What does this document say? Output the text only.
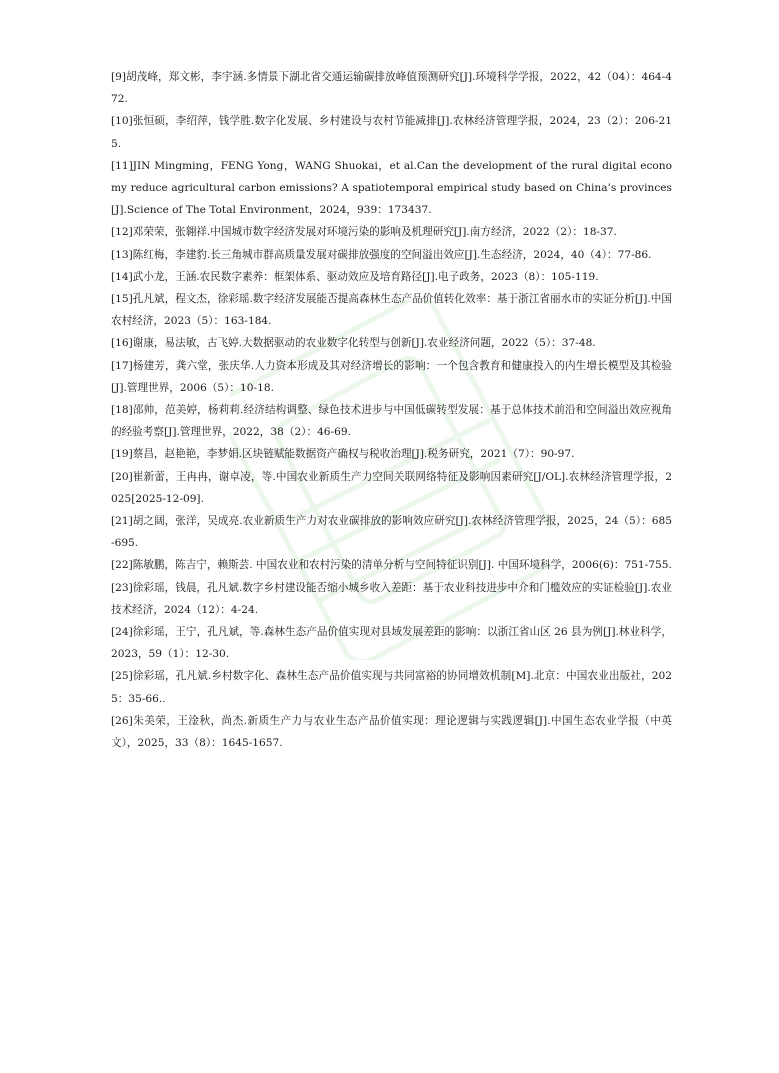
[9]胡茂峰，郑文彬，李宇涵.多情景下湖北省交通运输碳排放峰值预测研究[J].环境科学学报，2022，42（04）：464-472.

[10]张恒硕，李绍萍，钱学胜.数字化发展、乡村建设与农村节能减排[J].农林经济管理学报，2024，23（2）：206-215.

[11]JIN Mingming，FENG Yong，WANG Shuokai，et al.Can the development of the rural digital economy reduce agricultural carbon emissions? A spatiotemporal empirical study based on China’s provinces[J].Science of The Total Environment，2024，939：173437.

[12]邓荣荣，张翱祥.中国城市数字经济发展对环境污染的影响及机理研究[J].南方经济，2022（2）：18-37.

[13]陈红梅，李建豹.长三角城市群高质量发展对碳排放强度的空间溢出效应[J].生态经济，2024，40（4）：77-86.

[14]武小龙，王涵.农民数字素养：框架体系、驱动效应及培育路径[J].电子政务，2023（8）：105-119.

[15]孔凡斌，程文杰，徐彩瑶.数字经济发展能否提高森林生态产品价值转化效率：基于浙江省丽水市的实证分析[J].中国农村经济，2023（5）：163-184.

[16]谢康，易法敏，古飞婷.大数据驱动的农业数字化转型与创新[J].农业经济问题，2022（5）：37-48.

[17]杨建芳，龚六堂，张庆华.人力资本形成及其对经济增长的影响：一个包含教育和健康投入的内生增长模型及其检验[J].管理世界，2006（5）：10-18.

[18]邵帅，范美婷，杨莉莉.经济结构调整、绿色技术进步与中国低碳转型发展：基于总体技术前沿和空间溢出效应视角的经验考察[J].管理世界，2022，38（2）：46-69.

[19]蔡昌，赵艳艳，李梦娟.区块链赋能数据资产确权与税收治理[J].税务研究，2021（7）：90-97.

[20]崔新蕾，王冉冉，谢卓凌，等.中国农业新质生产力空间关联网络特征及影响因素研究[J/OL].农林经济管理学报，2025[2025-12-09].

[21]胡之阔，张洋，吴成亮.农业新质生产力对农业碳排放的影响效应研究[J].农林经济管理学报，2025，24（5）：685-695.

[22]陈敏鹏，陈吉宁，赖斯芸. 中国农业和农村污染的清单分析与空间特征识别[J]. 中国环境科学，2006(6)：751-755.

[23]徐彩瑶，钱晨，孔凡斌.数字乡村建设能否缩小城乡收入差距：基于农业科技进步中介和门槛效应的实证检验[J].农业技术经济，2024（12）：4-24.

[24]徐彩瑶，王宁，孔凡斌，等.森林生态产品价值实现对县域发展差距的影响：以浙江省山区 26 县为例[J].林业科学，2023，59（1）：12-30.

[25]徐彩瑶，孔凡斌.乡村数字化、森林生态产品价值实现与共同富裕的协同增效机制[M].北京：中国农业出版社，2025：35-66..

[26]朱美荣，王淦秋，尚杰.新质生产力与农业生态产品价值实现：理论逻辑与实践逻辑[J].中国生态农业学报（中英文），2025，33（8）：1645-1657.
